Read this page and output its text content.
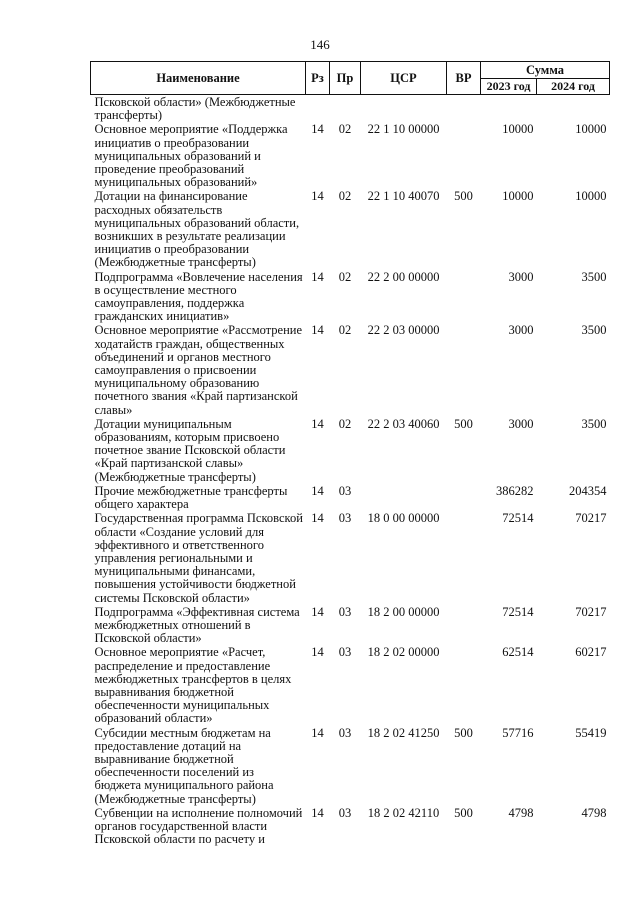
146
Наименование	Рз	Пр	ЦСР	ВР	Сумма	
					2023 год	2024 год
Псковской области» (Межбюджетные трансферты)						
Основное мероприятие «Поддержка инициатив о преобразовании муниципальных образований и проведение преобразований муниципальных образований»	14	02	22 1 10 00000		10000	10000
Дотации на финансирование расходных обязательств муниципальных образований области, возникших в результате реализации инициатив о преобразовании (Межбюджетные трансферты)	14	02	22 1 10 40070	500	10000	10000
Подпрограмма «Вовлечение населения в осуществление местного самоуправления, поддержка гражданских инициатив»	14	02	22 2 00 00000		3000	3500
Основное мероприятие «Рассмотрение ходатайств граждан, общественных объединений и органов местного самоуправления о присвоении муниципальному образованию почетного звания «Край партизанской славы»	14	02	22 2 03 00000		3000	3500
Дотации муниципальным образованиям, которым присвоено почетное звание Псковской области «Край партизанской славы» (Межбюджетные трансферты)	14	02	22 2 03 40060	500	3000	3500
Прочие межбюджетные трансферты общего характера	14	03			386282	204354
Государственная программа Псковской области «Создание условий для эффективного и ответственного управления региональными и муниципальными финансами, повышения устойчивости бюджетной системы Псковской области»	14	03	18 0 00 00000		72514	70217
Подпрограмма «Эффективная система межбюджетных отношений в Псковской области»	14	03	18 2 00 00000		72514	70217
Основное мероприятие «Расчет, распределение и предоставление межбюджетных трансфертов в целях выравнивания бюджетной обеспеченности муниципальных образований области»	14	03	18 2 02 00000		62514	60217
Субсидии местным бюджетам на предоставление дотаций на выравнивание бюджетной обеспеченности поселений из бюджета муниципального района (Межбюджетные трансферты)	14	03	18 2 02 41250	500	57716	55419
Субвенции на исполнение полномочий органов государственной власти Псковской области по расчету и	14	03	18 2 02 42110	500	4798	4798
